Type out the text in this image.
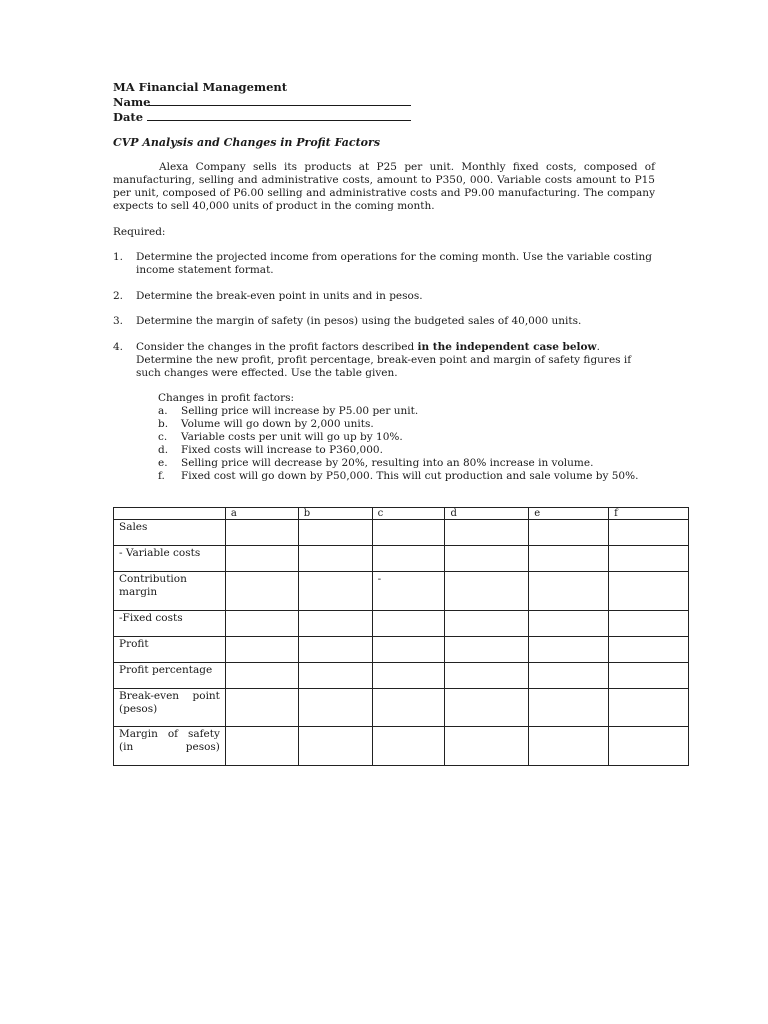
MA Financial Management
Name
Date
CVP Analysis and Changes in Profit Factors
Alexa Company sells its products at P25 per unit. Monthly fixed costs, composed of manufacturing, selling and administrative costs, amount to P350, 000. Variable costs amount to P15 per unit, composed of P6.00 selling and administrative costs and P9.00 manufacturing. The company expects to sell 40,000 units of product in the coming month.
Required:
1. Determine the projected income from operations for the coming month. Use the variable costing income statement format.
2. Determine the break-even point in units and in pesos.
3. Determine the margin of safety (in pesos) using the budgeted sales of 40,000 units.
4. Consider the changes in the profit factors described in the independent case below. Determine the new profit, profit percentage, break-even point and margin of safety figures if such changes were effected. Use the table given.
Changes in profit factors:
a. Selling price will increase by P5.00 per unit.
b. Volume will go down by 2,000 units.
c. Variable costs per unit will go up by 10%.
d. Fixed costs will increase to P360,000.
e. Selling price will decrease by 20%, resulting into an 80% increase in volume.
f. Fixed cost will go down by P50,000. This will cut production and sale volume by 50%.
	a	b	c	d	e	f
Sales						
- Variable costs						
Contribution margin			-			
-Fixed costs						
Profit						
Profit percentage						

Break-even point (pesos)						

Margin of safety (in pesos)						
